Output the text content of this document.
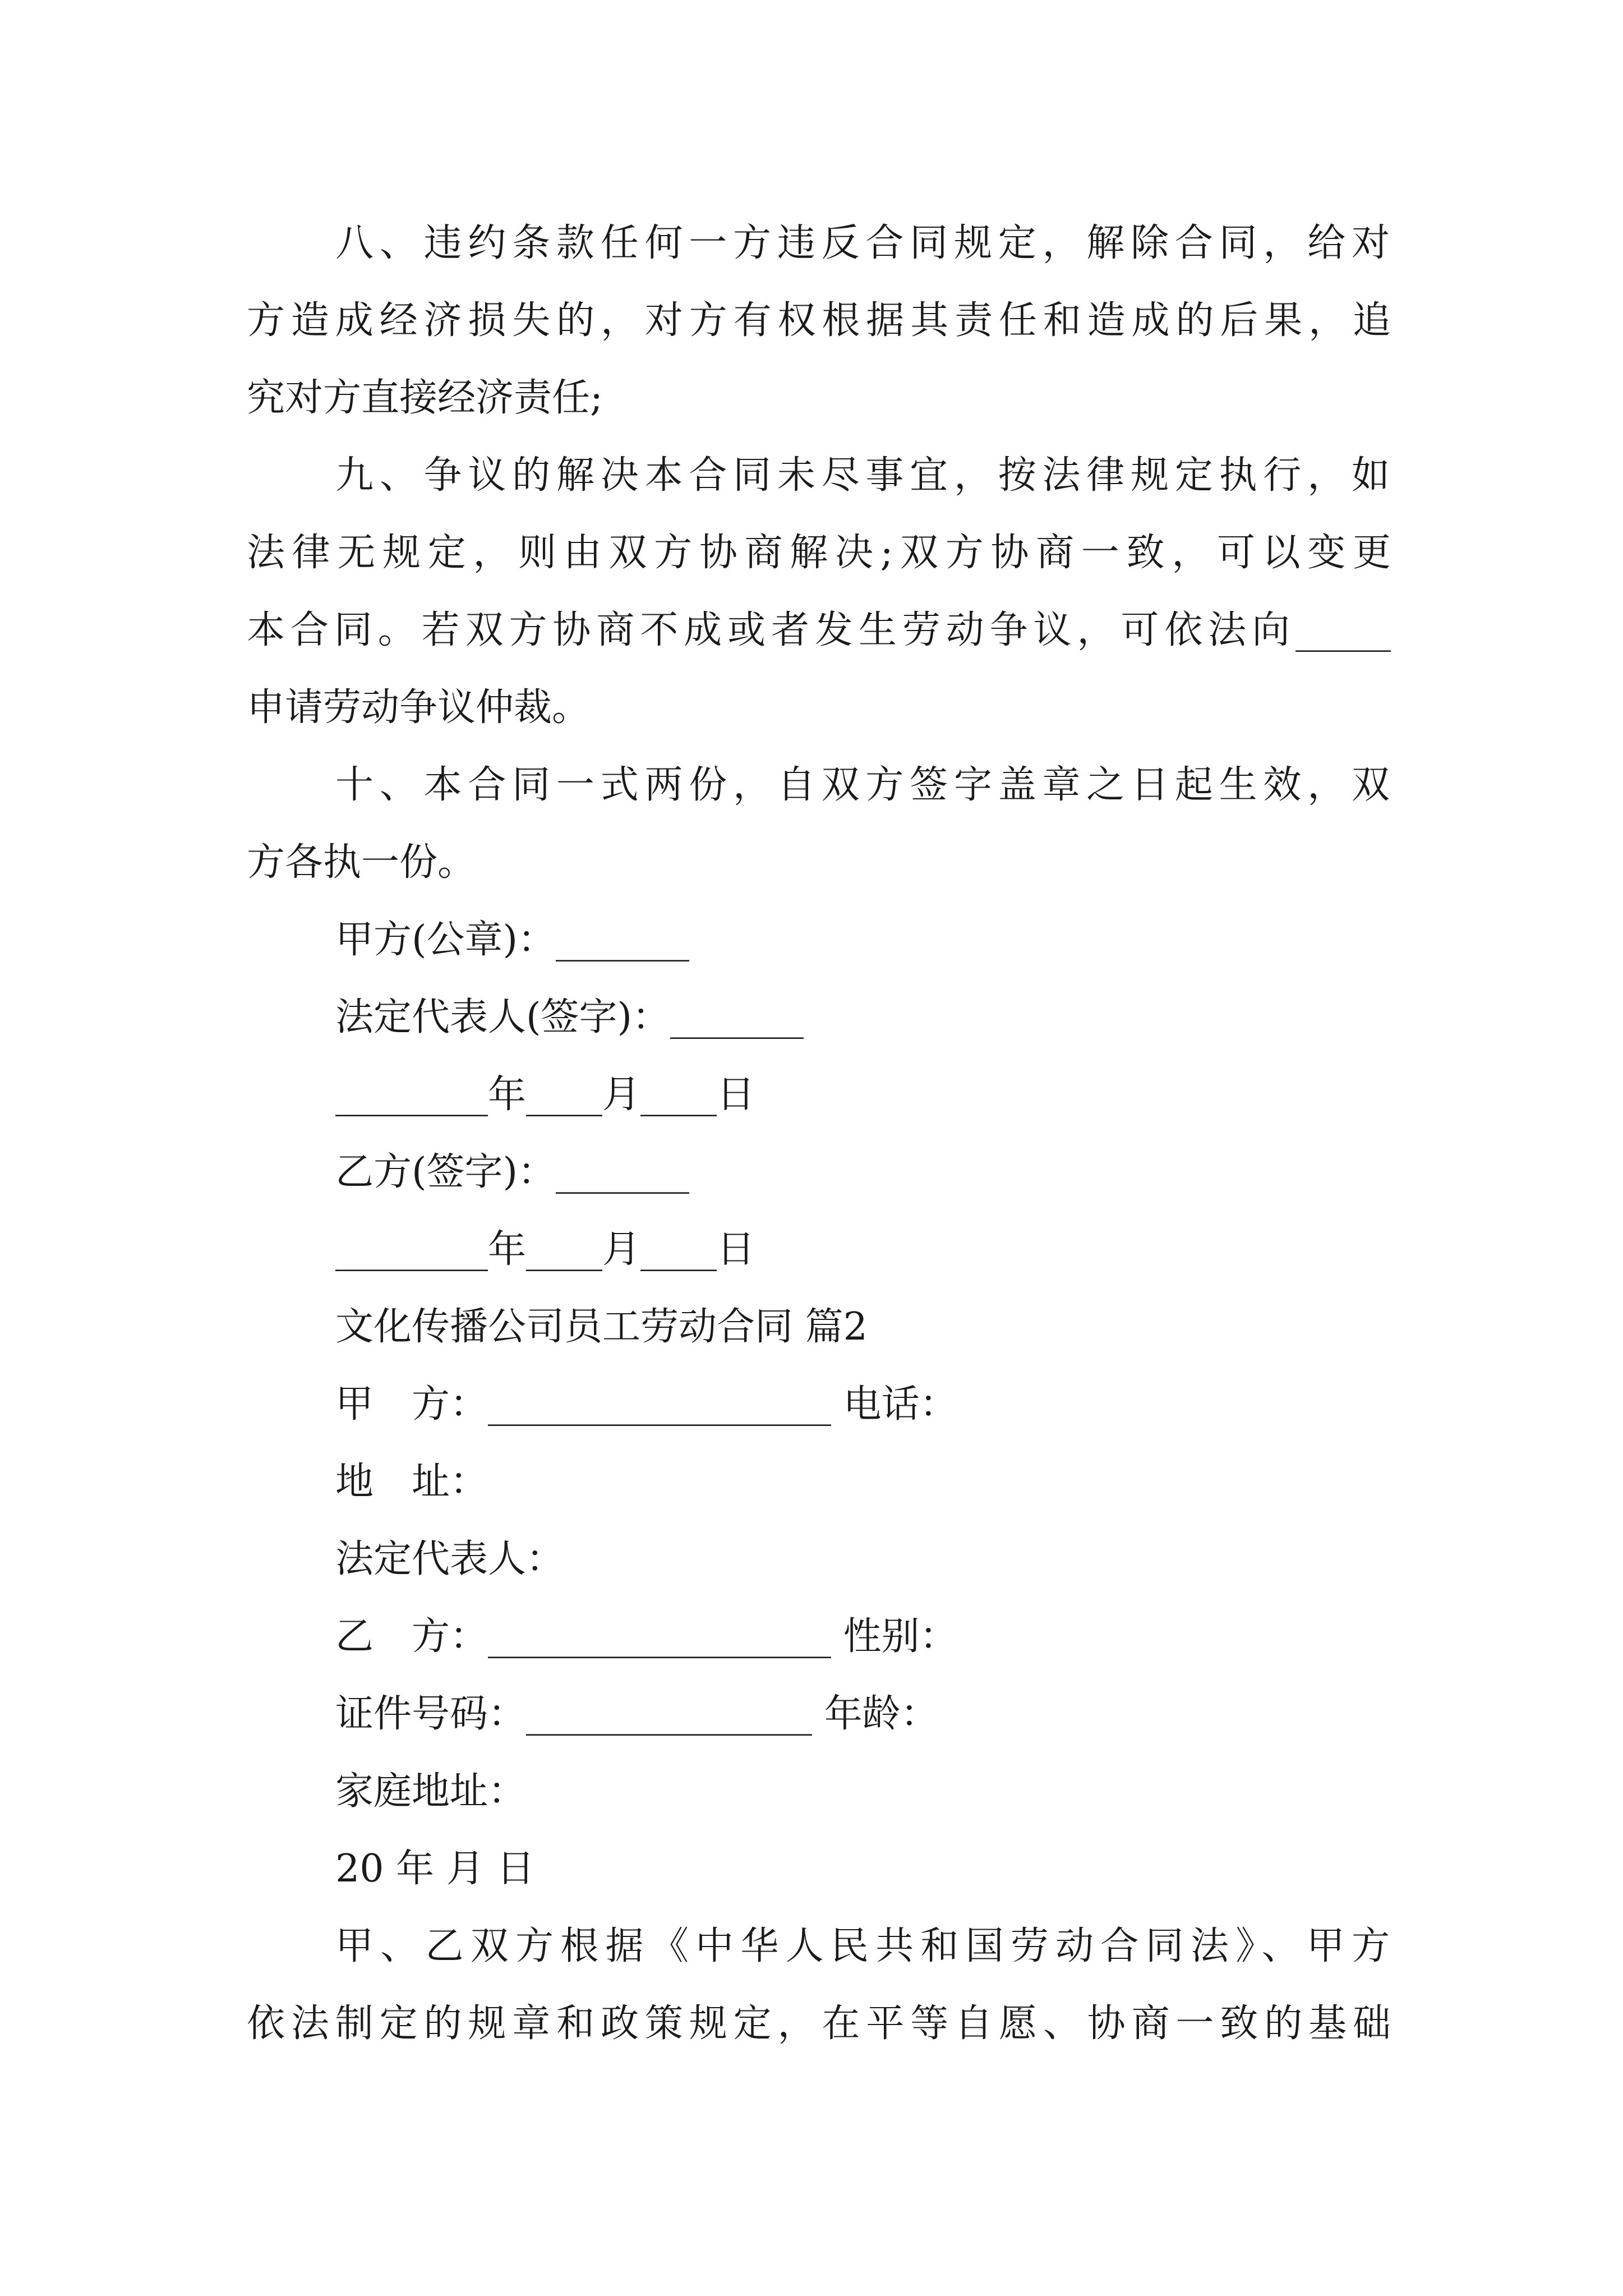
八、违约条款任何一方违反合同规定，解除合同，给对
方造成经济损失的，对方有权根据其责任和造成的后果，追
究对方直接经济责任;
九、争议的解决本合同未尽事宜，按法律规定执行，如
法律无规定，则由双方协商解决;双方协商一致，可以变更
本合同。若双方协商不成或者发生劳动争议，可依法向_____
申请劳动争议仲裁。
十、本合同一式两份，自双方签字盖章之日起生效，双
方各执一份。
甲方(公章)：_______
法定代表人(签字)：_______
________年____月____日
乙方(签字)：_______
________年____月____日
文化传播公司员工劳动合同 篇2
甲　方：__________________ 电话：
地　址：
法定代表人：
乙　方：__________________ 性别：
证件号码：_______________ 年龄：
家庭地址：
20 年 月 日
甲、乙双方根据《中华人民共和国劳动合同法》、甲方
依法制定的规章和政策规定，在平等自愿、协商一致的基础
